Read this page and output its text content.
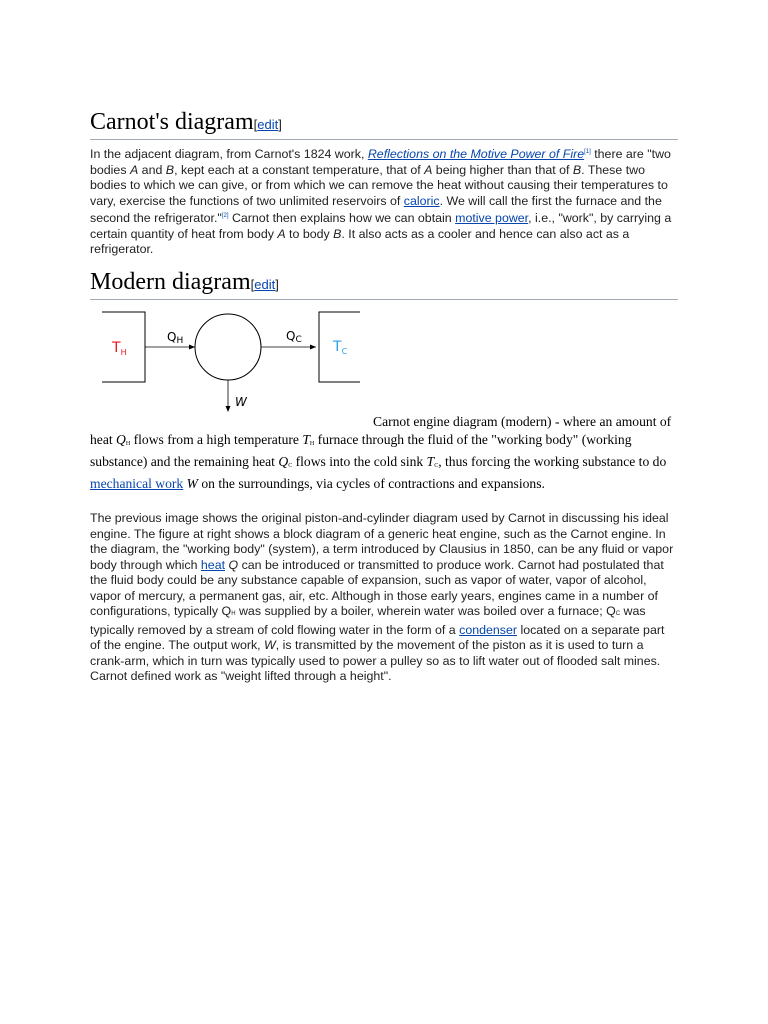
Carnot's diagram[edit]

In the adjacent diagram, from Carnot's 1824 work, Reflections on the Motive Power of Fire[1] there are "two bodies A and B, kept each at a constant temperature, that of A being higher than that of B. These two bodies to which we can give, or from which we can remove the heat without causing their temperatures to vary, exercise the functions of two unlimited reservoirs of caloric. We will call the first the furnace and the second the refrigerator."[2] Carnot then explains how we can obtain motive power, i.e., "work", by carrying a certain quantity of heat from body A to body B. It also acts as a cooler and hence can also act as a refrigerator.

Modern diagram[edit]
$T_H$
QH	QC $T_C$
W

Carnot engine diagram (modern) - where an amount of heat QH flows from a high temperature TH furnace through the fluid of the "working body" (working substance) and the remaining heat QC flows into the cold sink TC, thus forcing the working substance to do mechanical work W on the surroundings, via cycles of contractions and expansions.

The previous image shows the original piston-and-cylinder diagram used by Carnot in discussing his ideal engine. The figure at right shows a block diagram of a generic heat engine, such as the Carnot engine. In the diagram, the "working body" (system), a term introduced by Clausius in 1850, can be any fluid or vapor body through which heat Q can be introduced or transmitted to produce work. Carnot had postulated that the fluid body could be any substance capable of expansion, such as vapor of water, vapor of alcohol, vapor of mercury, a permanent gas, air, etc. Although in those early years, engines came in a number of configurations, typically QH was supplied by a boiler, wherein water was boiled over a furnace; QC was typically removed by a stream of cold flowing water in the form of a condenser located on a separate part of the engine. The output work, W, is transmitted by the movement of the piston as it is used to turn a crank-arm, which in turn was typically used to power a pulley so as to lift water out of flooded salt mines. Carnot defined work as "weight lifted through a height".
